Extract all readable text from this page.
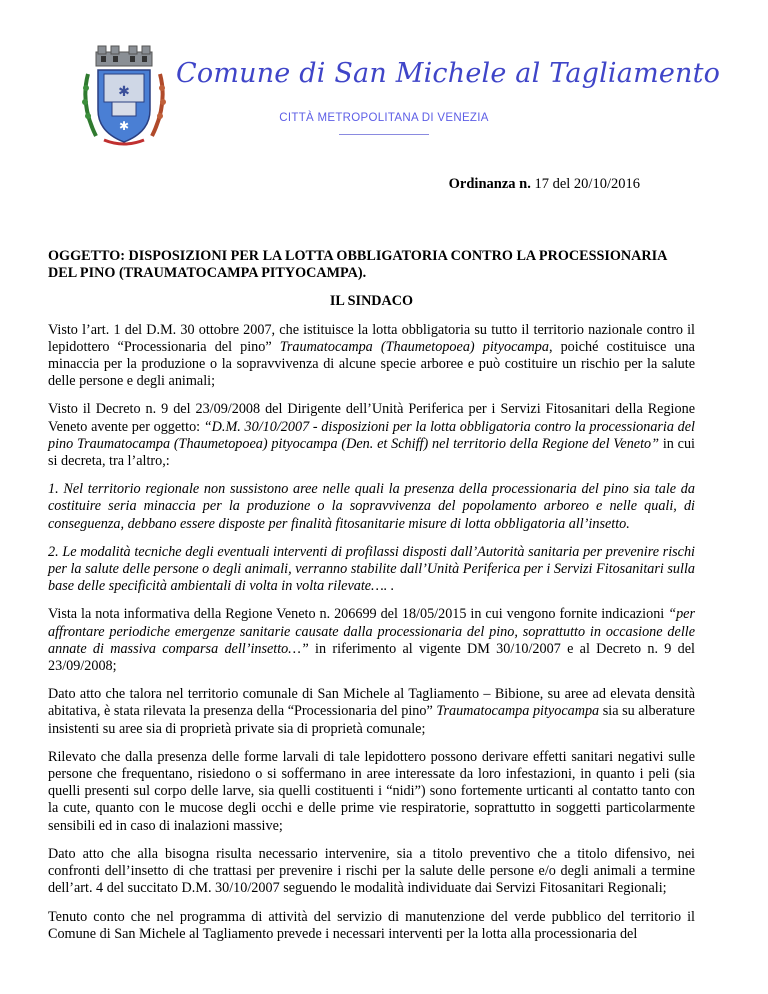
✱
✱
Comune di San Michele al Tagliamento
CITTÀ METROPOLITANA DI VENEZIA
Ordinanza n. 17 del 20/10/2016
OGGETTO: DISPOSIZIONI PER LA LOTTA OBBLIGATORIA CONTRO LA PROCESSIONARIA DEL PINO (TRAUMATOCAMPA PITYOCAMPA).
IL SINDACO
Visto l’art. 1 del D.M. 30 ottobre 2007, che istituisce la lotta obbligatoria su tutto il territorio nazionale contro il lepidottero “Processionaria del pino” Traumatocampa (Thaumetopoea) pityocampa, poiché costituisce una minaccia per la produzione o la sopravvivenza di alcune specie arboree e può costituire un rischio per la salute delle persone e degli animali;
Visto il Decreto n. 9 del 23/09/2008 del Dirigente dell’Unità Periferica per i Servizi Fitosanitari della Regione Veneto avente per oggetto: “D.M. 30/10/2007 - disposizioni per la lotta obbligatoria contro la processionaria del pino Traumatocampa (Thaumetopoea) pityocampa (Den. et Schiff) nel territorio della Regione del Veneto” in cui si decreta, tra l’altro,:
1. Nel territorio regionale non sussistono aree nelle quali la presenza della processionaria del pino sia tale da costituire seria minaccia per la produzione o la sopravvivenza del popolamento arboreo e nelle quali, di conseguenza, debbano essere disposte per finalità fitosanitarie misure di lotta obbligatoria all’insetto.
2. Le modalità tecniche degli eventuali interventi di profilassi disposti dall’Autorità sanitaria per prevenire rischi per la salute delle persone o degli animali, verranno stabilite dall’Unità Periferica per i Servizi Fitosanitari sulla base delle specificità ambientali di volta in volta rilevate…. .
Vista la nota informativa della Regione Veneto n. 206699 del 18/05/2015 in cui vengono fornite indicazioni “per affrontare periodiche emergenze sanitarie causate dalla processionaria del pino, soprattutto in occasione delle annate di massiva comparsa dell’insetto…” in riferimento al vigente DM 30/10/2007 e al Decreto n. 9 del 23/09/2008;
Dato atto che talora nel territorio comunale di San Michele al Tagliamento – Bibione, su aree ad elevata densità abitativa, è stata rilevata la presenza della “Processionaria del pino” Traumatocampa pityocampa sia su alberature insistenti su aree sia di proprietà private sia di proprietà comunale;
Rilevato che dalla presenza delle forme larvali di tale lepidottero possono derivare effetti sanitari negativi sulle persone che frequentano, risiedono o si soffermano in aree interessate da loro infestazioni, in quanto i peli (sia quelli presenti sul corpo delle larve, sia quelli costituenti i “nidi”) sono fortemente urticanti al contatto tanto con la cute, quanto con le mucose degli occhi e delle prime vie respiratorie, soprattutto in soggetti particolarmente sensibili ed in caso di inalazioni massive;
Dato atto che alla bisogna risulta necessario intervenire, sia a titolo preventivo che a titolo difensivo, nei confronti dell’insetto di che trattasi per prevenire i rischi per la salute delle persone e/o degli animali a termine dell’art. 4 del succitato D.M. 30/10/2007 seguendo le modalità individuate dai Servizi Fitosanitari Regionali;
Tenuto conto che nel programma di attività del servizio di manutenzione del verde pubblico del territorio il Comune di San Michele al Tagliamento prevede i necessari interventi per la lotta alla processionaria del
